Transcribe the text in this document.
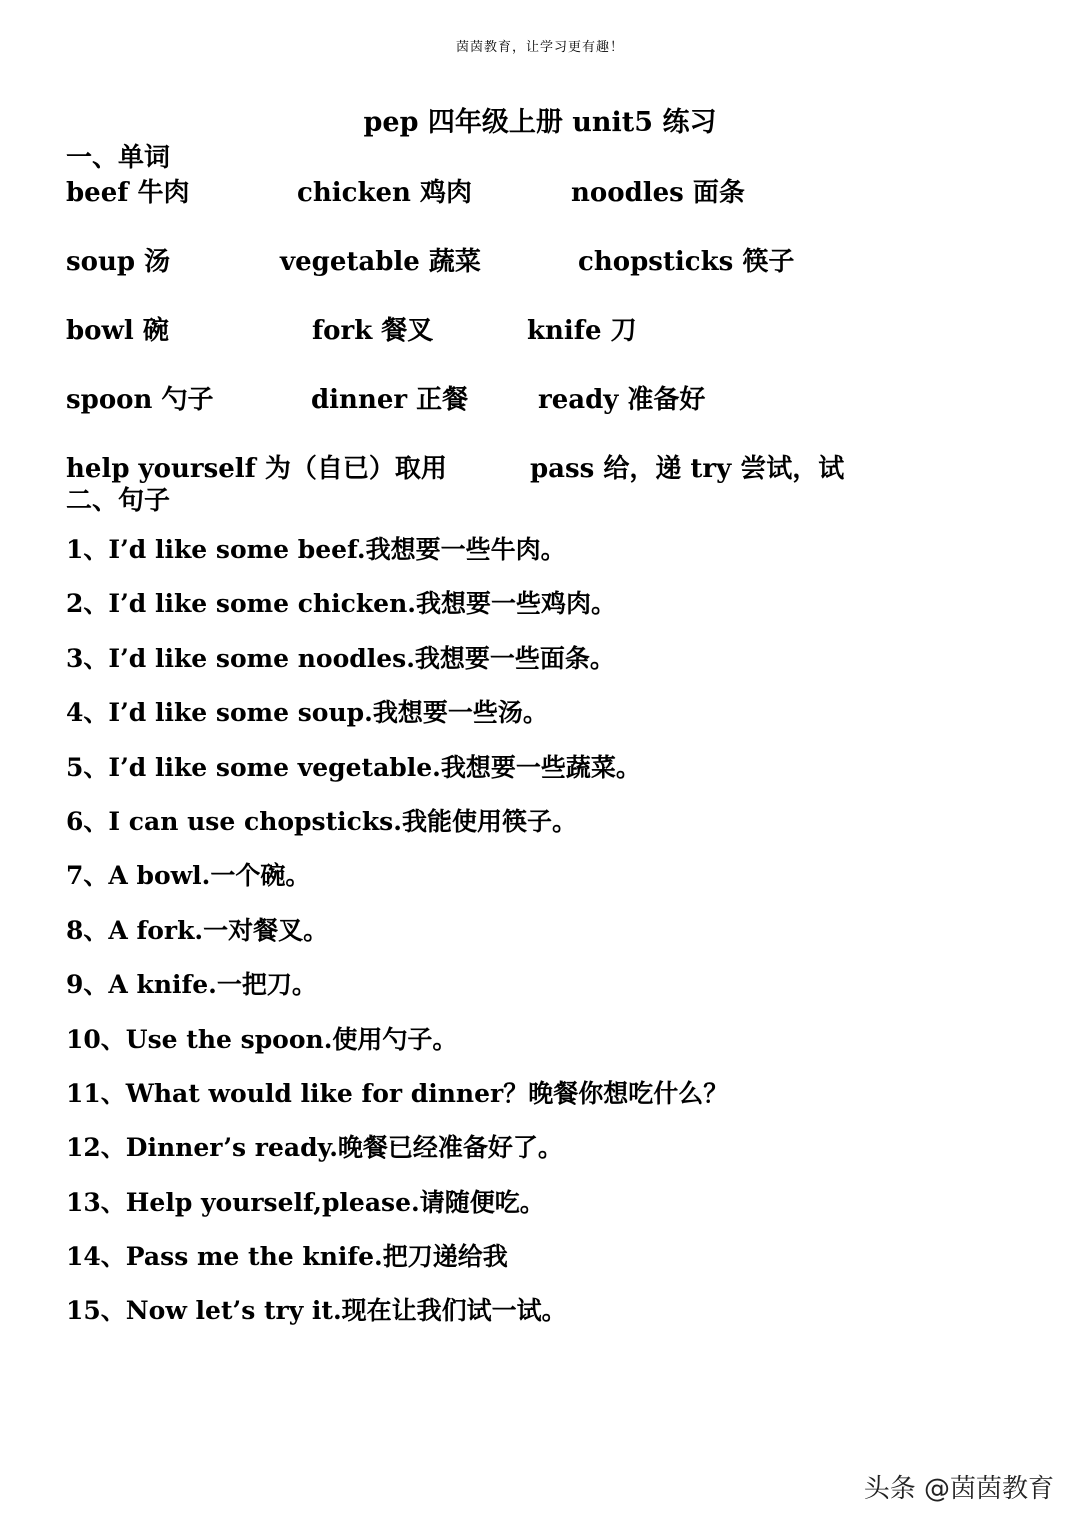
茵茵教育，让学习更有趣！
pep 四年级上册 unit5 练习
一、单词
beef 牛肉	chicken 鸡肉	noodles 面条
soup 汤	vegetable 蔬菜	chopsticks 筷子
bowl 碗	fork 餐叉	knife 刀
spoon 勺子	dinner 正餐	ready 准备好
help yourself 为（自已）取用	pass 给，递 try 尝试，试
二、句子
1、I’d like some beef.我想要一些牛肉。
2、I’d like some chicken.我想要一些鸡肉。
3、I’d like some noodles.我想要一些面条。
4、I’d like some soup.我想要一些汤。
5、I’d like some vegetable.我想要一些蔬菜。
6、I can use chopsticks.我能使用筷子。
7、A bowl.一个碗。
8、A fork.一对餐叉。
9、A knife.一把刀。
10、Use the spoon.使用勺子。
11、What would like for dinner？晚餐你想吃什么？
12、Dinner’s ready.晚餐已经准备好了。
13、Help yourself,please.请随便吃。
14、Pass me the knife.把刀递给我
15、Now let’s try it.现在让我们试一试。
头条 @茵茵教育
